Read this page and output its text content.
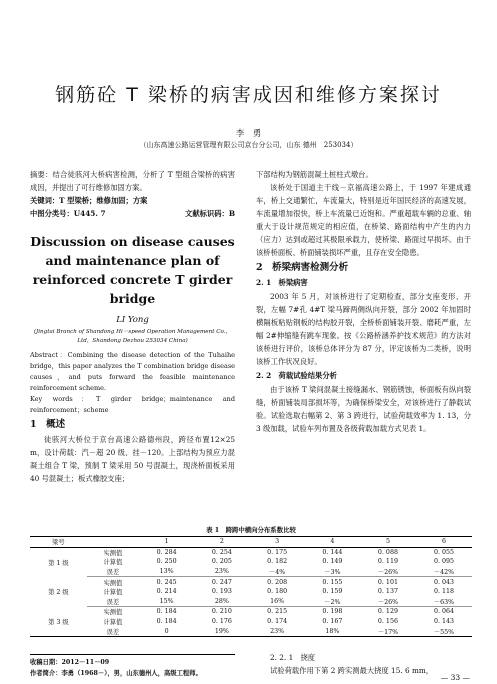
钢筋砼 T 梁桥的病害成因和维修方案探讨
李　勇
（山东高速公路运营管理有限公司京台分公司，山东 德州　253034）

摘要：结合徒骇河大桥病害检测，分析了 T 型组合梁桥的病害成因，并提出了可行维修加固方案。

关键词：T 型梁桥；维修加固；方案

中图分类号：U445. 7	文献标识码：B
Discussion on disease causes and maintenance plan of reinforced concrete T girder bridge
LI Yong
(Jingtai Branch of Shandong Hi－speed Operation Management Co.，Ltd，Shandong Dezhou 253034 China)

Abstract：Combining the disease detection of the Tuhaihe bridge，this paper analyzes the T combination bridge disease causes，and puts forward the feasible maintenance reinforcement scheme.

Key words：T girder bridge；maintenance and reinforcement；scheme

1　概述

徒骇河大桥位于京台高速公路德州段，跨径布置12×25 m，设计荷载：汽－超 20 级、挂－120。上部结构为预应力混凝土组合 T 梁，预制 T 梁采用 50 号混凝土，现浇桥面板采用 40 号混凝土；板式橡胶支座；

下部结构为钢筋混凝土桩柱式墩台。

该桥处于国道主干线－京福高速公路上，于 1997 年建成通车，桥上交通繁忙，车流量大，特别是近年国民经济的高速发展，车流量增加很快，桥上车流量已近饱和。严重超载车辆的总重、轴重大于设计规范规定的相应值，在桥梁、路面结构中产生的内力（应力）达到或超过其极限承载力，使桥梁、路面过早损坏。由于该桥桥面板、桥面铺装损坏严重，且存在安全隐患。

2　桥梁病害检测分析
2. 1　桥梁病害

2003 年 5 月，对该桥进行了定期检查，部分支座变形、开裂，左幅 7#孔 4#T 梁马蹄两侧纵向开裂，部分 2002 年加固时横隔板粘贴钢板的结构胶开裂，全桥桥面铺装开裂、磨耗严重，左幅 2#伸缩缝有跳车现象。按《公路桥涵养护技术规范》的方法对该桥进行评价，该桥总体评分为 87 分，评定该桥为二类桥，说明该桥工作状况良好。

2. 2　荷载试验结果分析

由于该桥 T 梁间混凝土接缝漏水、钢筋锈蚀，桥面板有纵向裂缝，桥面铺装局部损坏等，为确保桥梁安全，对该桥进行了静载试验。试验选取右幅第 2、第 3 跨进行，试验荷载效率为 1. 13，分 3 级加载，试验车列布置及各级荷载加载方式见表 1。

表 1　跨跨中横向分布系数比较
梁号		1	2	3	4	5	6
第 1 级	实测值	0. 284	0. 254	0. 175	0. 144	0. 088	0. 055
	计算值	0. 250	0. 205	0. 182	0. 149	0. 119	0. 095
	误差	13%	23%	－4%	－3%	－26%	－42%
第 2 级	实测值	0. 245	0. 247	0. 208	0. 155	0. 101	0. 043
	计算值	0. 214	0. 193	0. 180	0. 159	0. 137	0. 118
	误差	15%	28%	16%	－2%	－26%	－63%
第 3 级	实测值	0. 184	0. 210	0. 215	0. 198	0. 129	0. 064
	计算值	0. 184	0. 176	0. 174	0. 167	0. 156	0. 143
	误差	0	19%	23%	18%	－17%	－55%
收稿日期：2012－11－09
作者简介：李勇（1968－），男，山东德州人，高级工程师。
2. 2. 1　挠度
试验荷载作用下第 2 跨实测最大挠度 15. 6 mm，
— 33 —
